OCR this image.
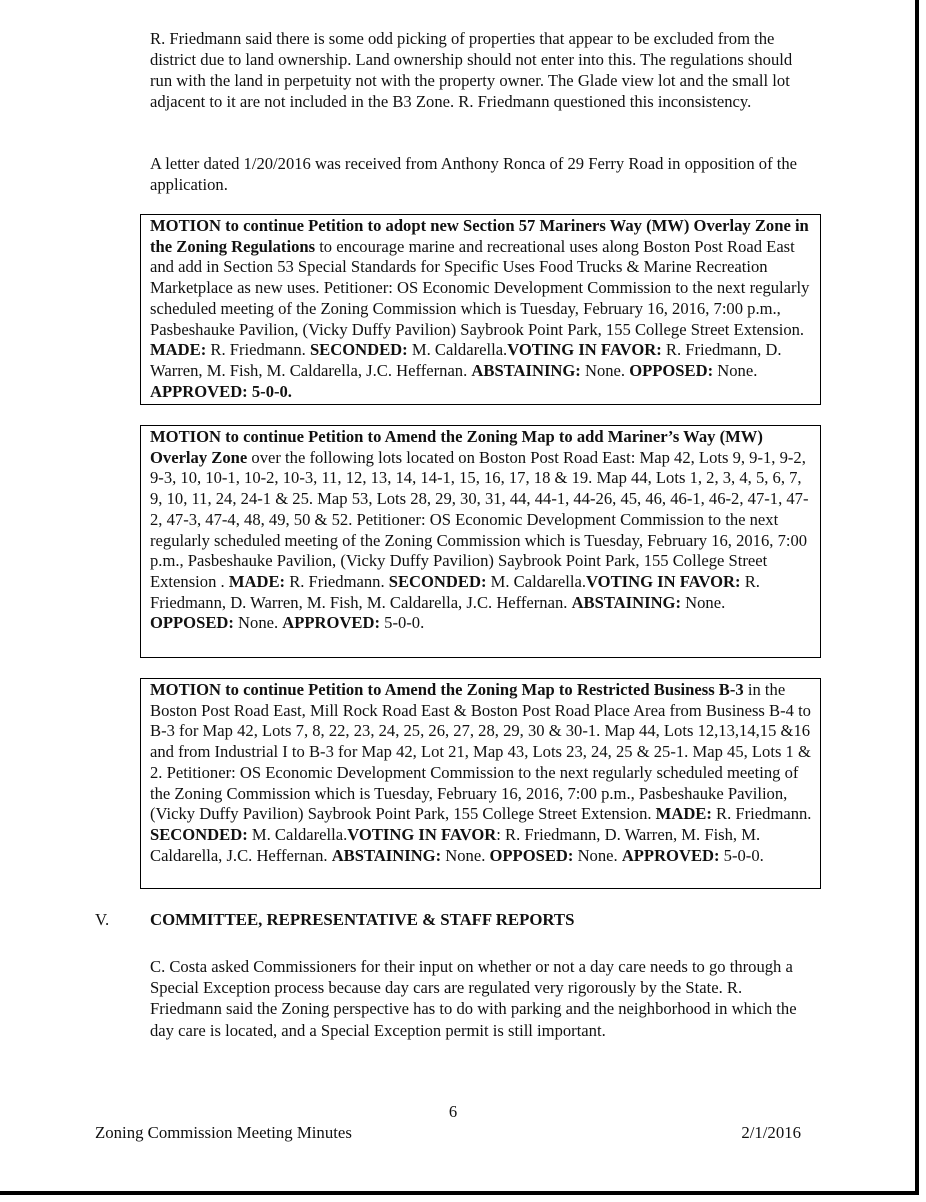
R. Friedmann said there is some odd picking of properties that appear to be excluded from the district due to land ownership. Land ownership should not enter into this. The regulations should run with the land in perpetuity not with the property owner. The Glade view lot and the small lot adjacent to it are not included in the B3 Zone. R. Friedmann questioned this inconsistency.

A letter dated 1/20/2016 was received from Anthony Ronca of 29 Ferry Road in opposition of the application.

MOTION to continue Petition to adopt new Section 57 Mariners Way (MW) Overlay Zone in the Zoning Regulations to encourage marine and recreational uses along Boston Post Road East and add in Section 53 Special Standards for Specific Uses Food Trucks & Marine Recreation Marketplace as new uses. Petitioner: OS Economic Development Commission to the next regularly scheduled meeting of the Zoning Commission which is Tuesday, February 16, 2016, 7:00 p.m., Pasbeshauke Pavilion, (Vicky Duffy Pavilion) Saybrook Point Park, 155 College Street Extension. MADE: R. Friedmann. SECONDED: M. Caldarella.VOTING IN FAVOR: R. Friedmann, D. Warren, M. Fish, M. Caldarella, J.C. Heffernan. ABSTAINING: None. OPPOSED: None. APPROVED: 5-0-0.
MOTION to continue Petition to Amend the Zoning Map to add Mariner’s Way (MW) Overlay Zone over the following lots located on Boston Post Road East: Map 42, Lots 9, 9-1, 9-2, 9-3, 10, 10-1, 10-2, 10-3, 11, 12, 13, 14, 14-1, 15, 16, 17, 18 & 19. Map 44, Lots 1, 2, 3, 4, 5, 6, 7, 9, 10, 11, 24, 24-1 & 25. Map 53, Lots 28, 29, 30, 31, 44, 44-1, 44-26, 45, 46, 46-1, 46-2, 47-1, 47-2, 47-3, 47-4, 48, 49, 50 & 52. Petitioner: OS Economic Development Commission to the next regularly scheduled meeting of the Zoning Commission which is Tuesday, February 16, 2016, 7:00 p.m., Pasbeshauke Pavilion, (Vicky Duffy Pavilion) Saybrook Point Park, 155 College Street Extension . MADE: R. Friedmann. SECONDED: M. Caldarella.VOTING IN FAVOR: R. Friedmann, D. Warren, M. Fish, M. Caldarella, J.C. Heffernan. ABSTAINING: None. OPPOSED: None. APPROVED: 5-0-0.
MOTION to continue Petition to Amend the Zoning Map to Restricted Business B-3 in the Boston Post Road East, Mill Rock Road East & Boston Post Road Place Area from Business B-4 to B-3 for Map 42, Lots 7, 8, 22, 23, 24, 25, 26, 27, 28, 29, 30 & 30-1. Map 44, Lots 12,13,14,15 &16 and from Industrial I to B-3 for Map 42, Lot 21, Map 43, Lots 23, 24, 25 & 25-1. Map 45, Lots 1 & 2. Petitioner: OS Economic Development Commission to the next regularly scheduled meeting of the Zoning Commission which is Tuesday, February 16, 2016, 7:00 p.m., Pasbeshauke Pavilion, (Vicky Duffy Pavilion) Saybrook Point Park, 155 College Street Extension. MADE: R. Friedmann. SECONDED: M. Caldarella.VOTING IN FAVOR: R. Friedmann, D. Warren, M. Fish, M. Caldarella, J.C. Heffernan. ABSTAINING: None. OPPOSED: None. APPROVED: 5-0-0.
V. COMMITTEE, REPRESENTATIVE & STAFF REPORTS

C. Costa asked Commissioners for their input on whether or not a day care needs to go through a Special Exception process because day cars are regulated very rigorously by the State. R. Friedmann said the Zoning perspective has to do with parking and the neighborhood in which the day care is located, and a Special Exception permit is still important.

6
Zoning Commission Meeting Minutes	2/1/2016
